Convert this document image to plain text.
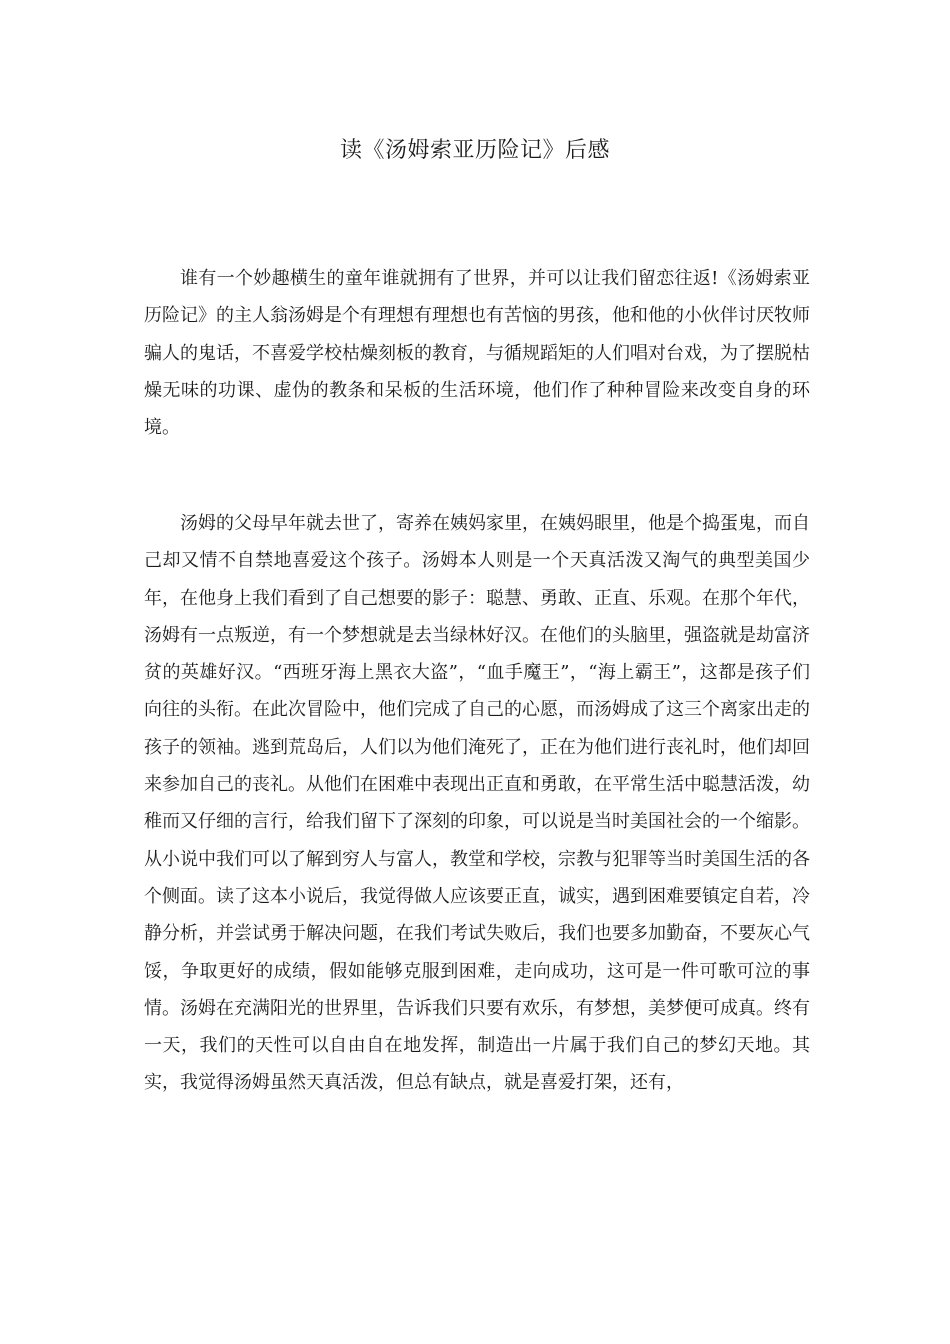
读《汤姆索亚历险记》后感

谁有一个妙趣横生的童年谁就拥有了世界，并可以让我们留恋往返!《汤姆索亚历险记》的主人翁汤姆是个有理想有理想也有苦恼的男孩，他和他的小伙伴讨厌牧师骗人的鬼话，不喜爱学校枯燥刻板的教育，与循规蹈矩的人们唱对台戏，为了摆脱枯燥无味的功课、虚伪的教条和呆板的生活环境，他们作了种种冒险来改变自身的环境。

汤姆的父母早年就去世了，寄养在姨妈家里，在姨妈眼里，他是个捣蛋鬼，而自己却又情不自禁地喜爱这个孩子。汤姆本人则是一个天真活泼又淘气的典型美国少年，在他身上我们看到了自己想要的影子：聪慧、勇敢、正直、乐观。在那个年代，汤姆有一点叛逆，有一个梦想就是去当绿林好汉。在他们的头脑里，强盗就是劫富济贫的英雄好汉。“西班牙海上黑衣大盗”，“血手魔王”，“海上霸王”，这都是孩子们向往的头衔。在此次冒险中，他们完成了自己的心愿，而汤姆成了这三个离家出走的孩子的领袖。逃到荒岛后，人们以为他们淹死了，正在为他们进行丧礼时，他们却回来参加自己的丧礼。从他们在困难中表现出正直和勇敢，在平常生活中聪慧活泼，幼稚而又仔细的言行，给我们留下了深刻的印象，可以说是当时美国社会的一个缩影。从小说中我们可以了解到穷人与富人，教堂和学校，宗教与犯罪等当时美国生活的各个侧面。读了这本小说后，我觉得做人应该要正直，诚实，遇到困难要镇定自若，冷静分析，并尝试勇于解决问题，在我们考试失败后，我们也要多加勤奋，不要灰心气馁，争取更好的成绩，假如能够克服到困难，走向成功，这可是一件可歌可泣的事情。汤姆在充满阳光的世界里，告诉我们只要有欢乐，有梦想，美梦便可成真。终有一天，我们的天性可以自由自在地发挥，制造出一片属于我们自己的梦幻天地。其实，我觉得汤姆虽然天真活泼，但总有缺点，就是喜爱打架，还有，
